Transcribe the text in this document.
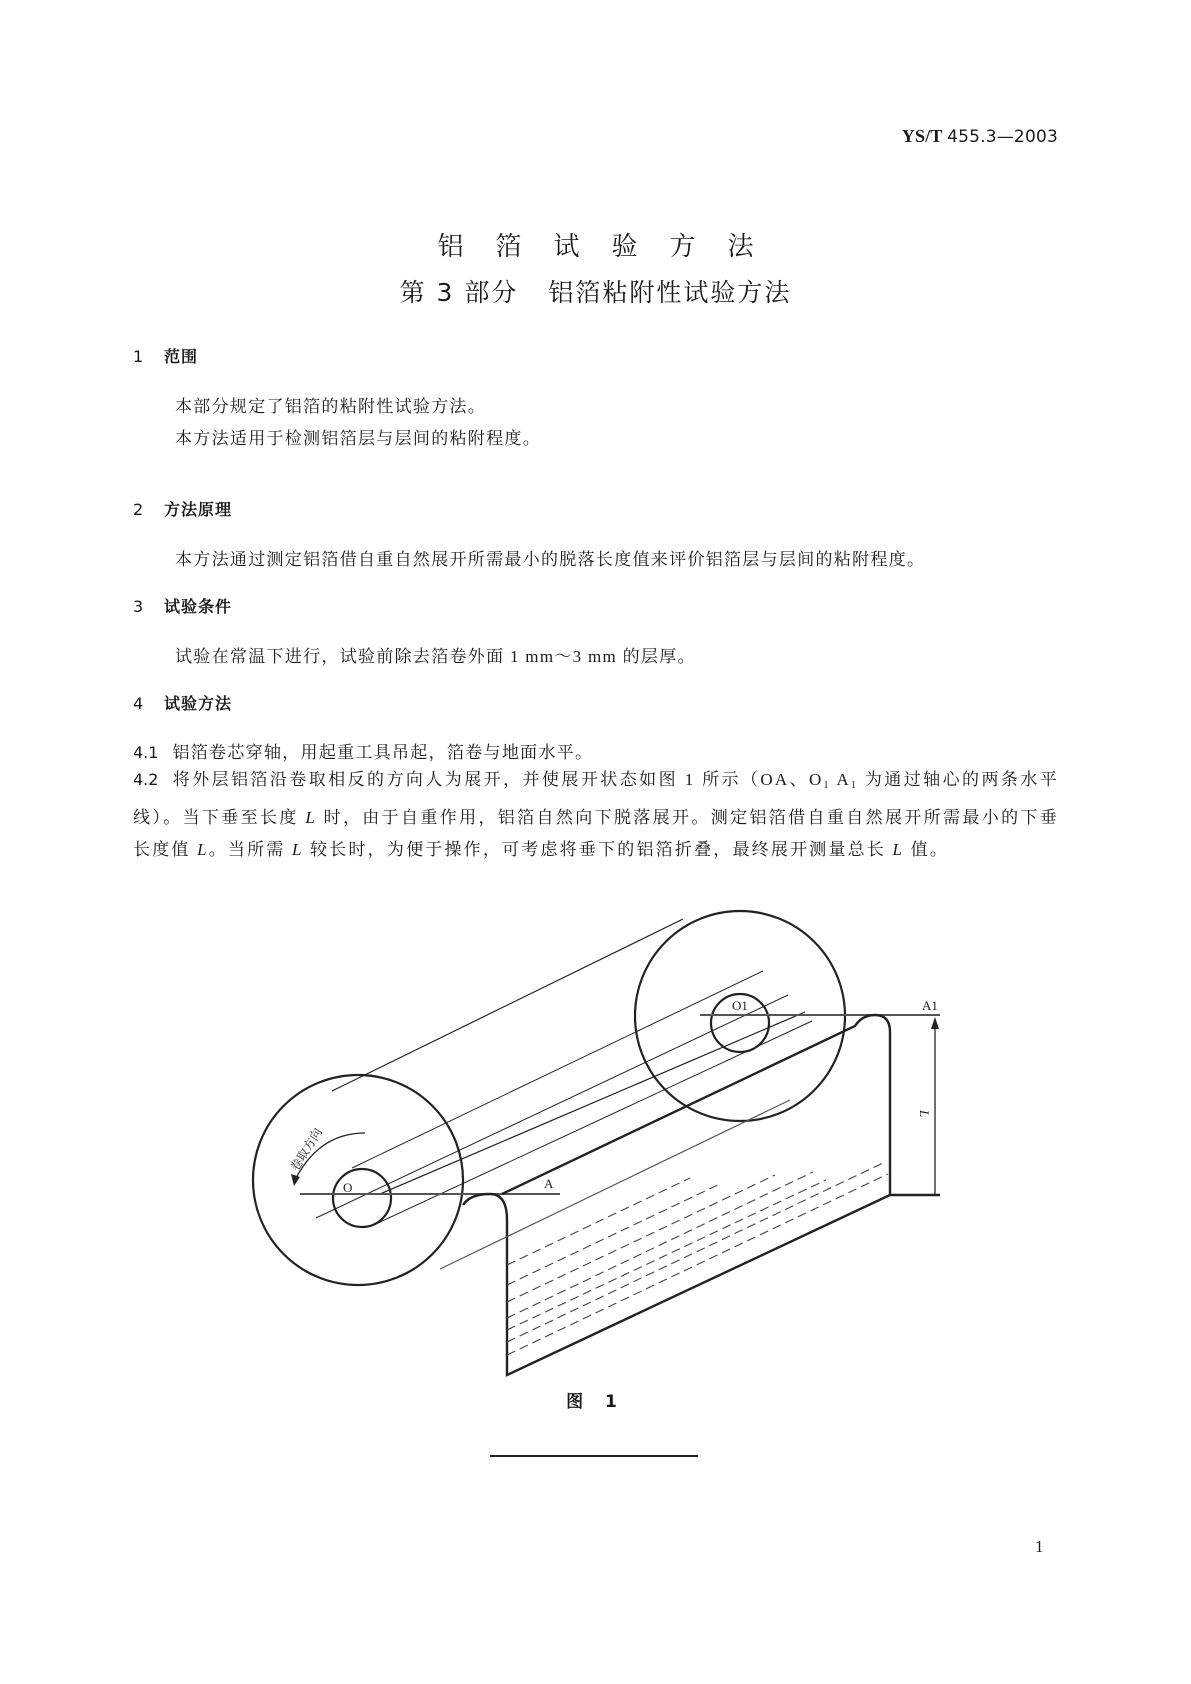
YS/T 455.3—2003
铝箔试验方法
第 3 部分 铝箔粘附性试验方法
1 范围
本部分规定了铝箔的粘附性试验方法。
本方法适用于检测铝箔层与层间的粘附程度。
2 方法原理
本方法通过测定铝箔借自重自然展开所需最小的脱落长度值来评价铝箔层与层间的粘附程度。
3 试验条件
试验在常温下进行，试验前除去箔卷外面 1 mm～3 mm 的层厚。
4 试验方法
4.1 铝箔卷芯穿轴，用起重工具吊起，箔卷与地面水平。
4.2 将外层铝箔沿卷取相反的方向人为展开，并使展开状态如图 1 所示（OA、$O_1$ $A_1$ 为通过轴心的两条水平线）。当下垂至长度 L 时，由于自重作用，铝箔自然向下脱落展开。测定铝箔借自重自然展开所需最小的下垂长度值 L。当所需 L 较长时，为便于操作，可考虑将垂下的铝箔折叠，最终展开测量总长 L 值。
O
O1
A
A1
L
卷取方向
图 1
1
